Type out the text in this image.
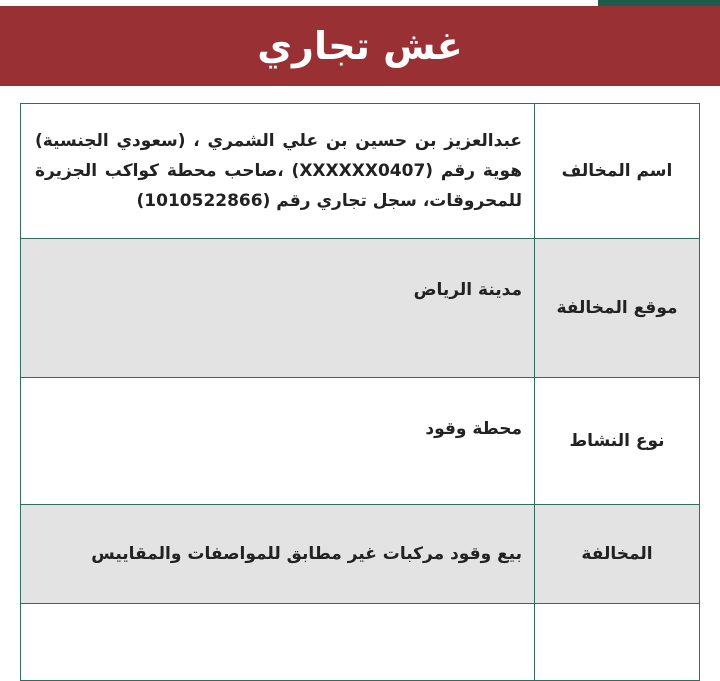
غش تجاري
اسم المخالف	عبدالعزيز بن حسين بن علي الشمري ، (سعودي الجنسية) هوية رقم (XXXXXX0407) ،صاحب محطة كواكب الجزيرة للمحروقات، سجل تجاري رقم (1010522866)
موقع المخالفة	مدينة الرياض
نوع النشاط	محطة وقود
المخالفة	بيع وقود مركبات غير مطابق للمواصفات والمقاييس
